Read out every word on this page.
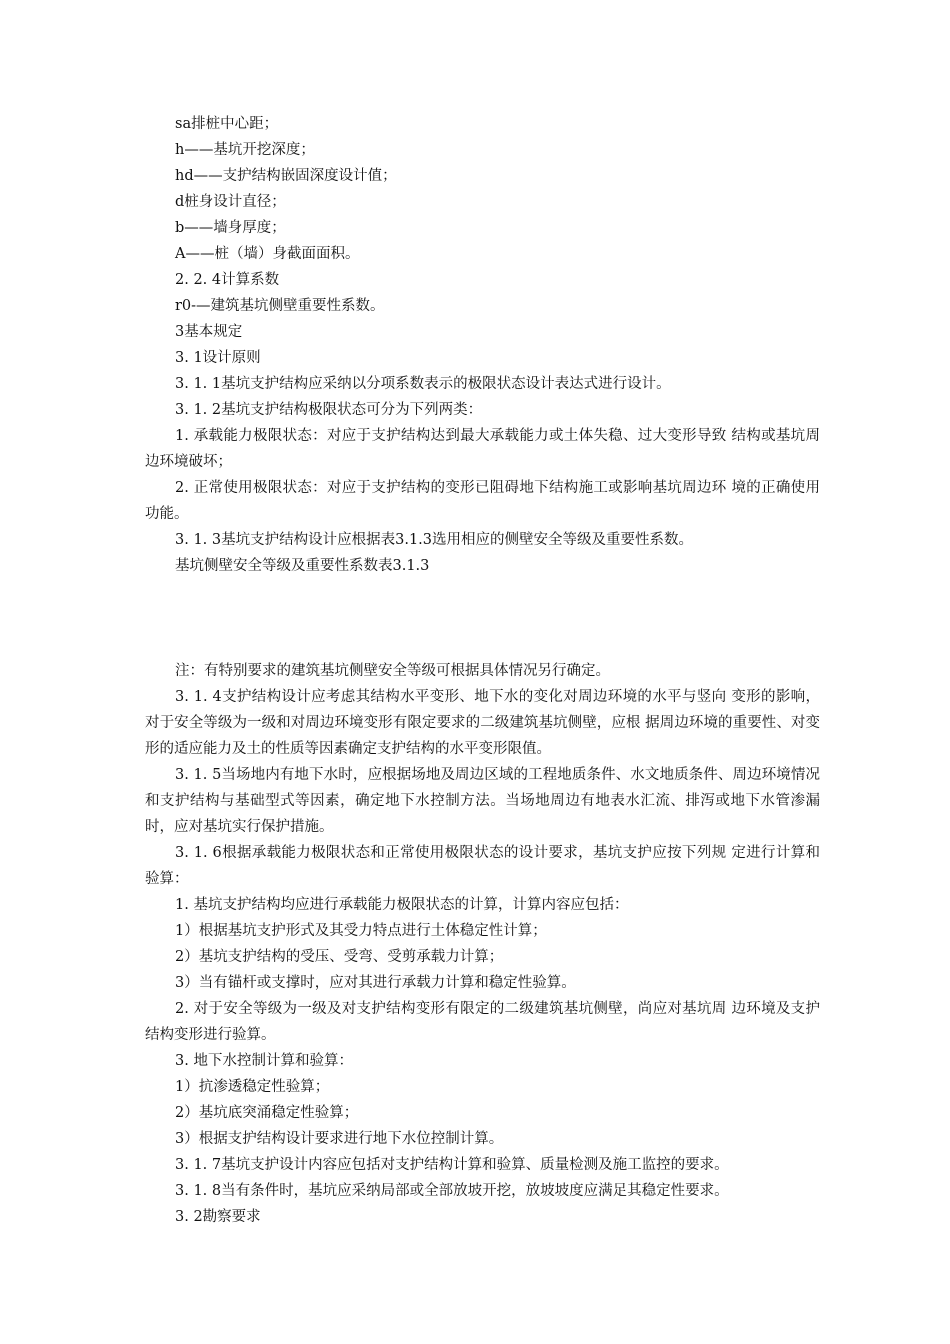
sa排桩中心距；

h——基坑开挖深度；

hd——支护结构嵌固深度设计值；

d桩身设计直径；

b——墙身厚度；

A——桩（墙）身截面面积。

2. 2. 4计算系数

r0-—建筑基坑侧壁重要性系数。

3基本规定

3. 1设计原则

3. 1. 1基坑支护结构应采纳以分项系数表示的极限状态设计表达式进行设计。

3. 1. 2基坑支护结构极限状态可分为下列两类：

1. 承载能力极限状态：对应于支护结构达到最大承载能力或土体失稳、过大变形导致 结构或基坑周边环境破坏；

2. 正常使用极限状态：对应于支护结构的变形已阻碍地下结构施工或影响基坑周边环 境的正确使用功能。

3. 1. 3基坑支护结构设计应根据表3.1.3选用相应的侧壁安全等级及重要性系数。

基坑侧壁安全等级及重要性系数表3.1.3

注：有特别要求的建筑基坑侧壁安全等级可根据具体情况另行确定。

3. 1. 4支护结构设计应考虑其结构水平变形、地下水的变化对周边环境的水平与竖向 变形的影响，对于安全等级为一级和对周边环境变形有限定要求的二级建筑基坑侧壁，应根 据周边环境的重要性、对变形的适应能力及土的性质等因素确定支护结构的水平变形限值。

3. 1. 5当场地内有地下水时，应根据场地及周边区域的工程地质条件、水文地质条件、周边环境情况和支护结构与基础型式等因素，确定地下水控制方法。当场地周边有地表水汇流、排泻或地下水管渗漏时，应对基坑实行保护措施。

3. 1. 6根据承载能力极限状态和正常使用极限状态的设计要求，基坑支护应按下列规 定进行计算和验算：

1. 基坑支护结构均应进行承载能力极限状态的计算，计算内容应包括：

1）根据基坑支护形式及其受力特点进行土体稳定性计算；

2）基坑支护结构的受压、受弯、受剪承载力计算；

3）当有锚杆或支撑时，应对其进行承载力计算和稳定性验算。

2. 对于安全等级为一级及对支护结构变形有限定的二级建筑基坑侧壁，尚应对基坑周 边环境及支护结构变形进行验算。

3. 地下水控制计算和验算：

1）抗渗透稳定性验算；

2）基坑底突涌稳定性验算；

3）根据支护结构设计要求进行地下水位控制计算。

3. 1. 7基坑支护设计内容应包括对支护结构计算和验算、质量检测及施工监控的要求。

3. 1. 8当有条件时，基坑应采纳局部或全部放坡开挖，放坡坡度应满足其稳定性要求。

3. 2勘察要求
